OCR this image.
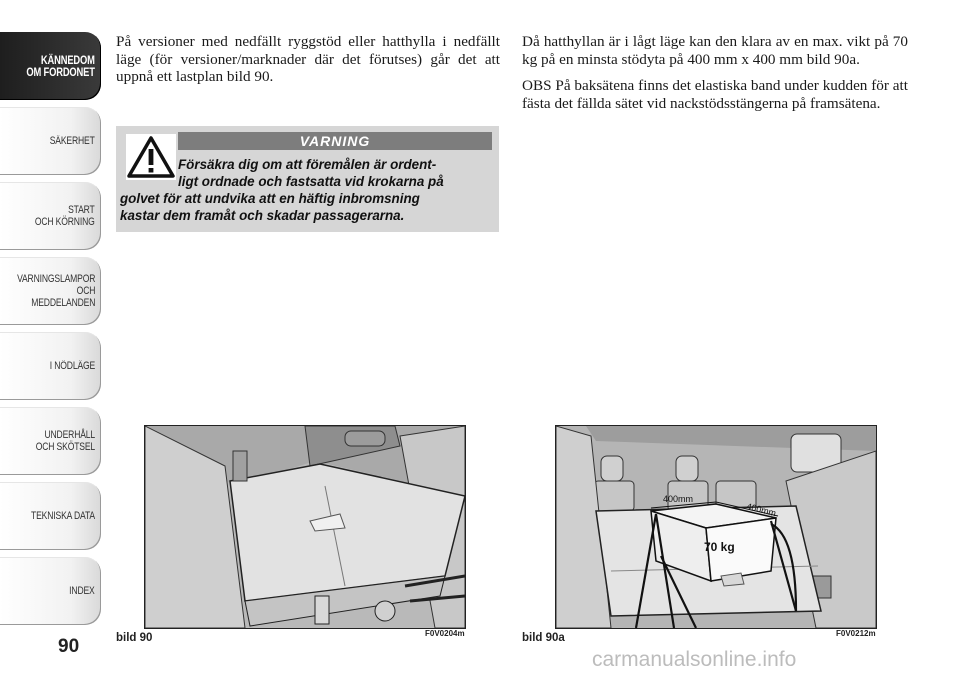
KÄNNEDOM
OM FORDONET
SÄKERHET
START
OCH KÖRNING
VARNINGSLAMPOR
OCH
MEDDELANDEN
I NÖDLÄGE
UNDERHÅLL
OCH SKÖTSEL
TEKNISKA DATA
INDEX
90

På versioner med nedfällt ryggstöd eller hatthylla i nedfällt läge (för versioner/marknader där det förutses) går det att uppnå ett lastplan bild 90.

VARNING
Försäkra dig om att föremålen är ordent-
ligt ordnade och fastsatta vid krokarna på
golvet för att undvika att en häftig inbromsning
kastar dem framåt och skadar passagerarna.

Då hatthyllan är i lågt läge kan den klara av en max. vikt på 70 kg på en minsta stödyta på 400 mm x 400 mm bild 90a.

OBS På baksätena finns det elastiska band under kudden för att fästa det fällda sätet vid nackstödsstängerna på framsätena.

bild 90	F0V0204m
400mm
400mm
70 kg
bild 90a	F0V0212m
carmanualsonline.info
